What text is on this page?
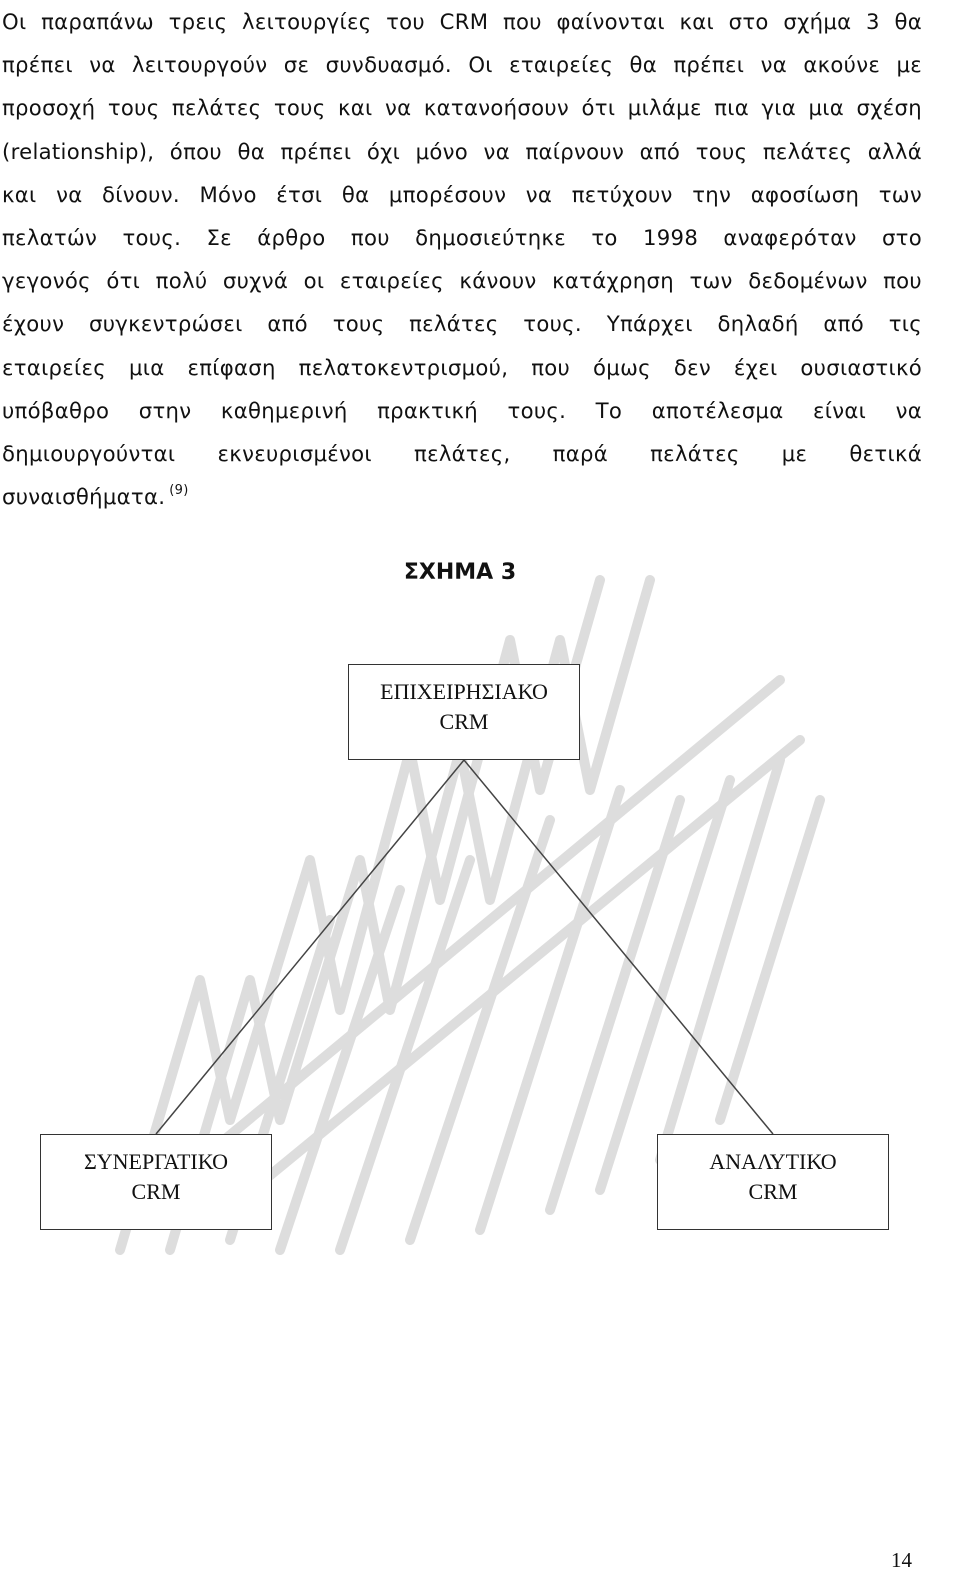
Οι παραπάνω τρεις λειτουργίες του CRM που φαίνονται και στο σχήμα 3 θα
πρέπει να λειτουργούν σε συνδυασμό. Οι εταιρείες θα πρέπει να ακούνε με
προσοχή τους πελάτες τους και να κατανοήσουν ότι μιλάμε πια για μια σχέση
(relationship), όπου θα πρέπει όχι μόνο να παίρνουν από τους πελάτες αλλά
και να δίνουν. Μόνο έτσι θα μπορέσουν να πετύχουν την αφοσίωση των
πελατών τους. Σε άρθρο που δημοσιεύτηκε το 1998 αναφερόταν στο
γεγονός ότι πολύ συχνά οι εταιρείες κάνουν κατάχρηση των δεδομένων που
έχουν συγκεντρώσει από τους πελάτες τους. Υπάρχει δηλαδή από τις
εταιρείες μια επίφαση πελατοκεντρισμού, που όμως δεν έχει ουσιαστικό
υπόβαθρο στην καθημερινή πρακτική τους. Το αποτέλεσμα είναι να
δημιουργούνται εκνευρισμένοι πελάτες, παρά πελάτες με θετικά
συναισθήματα. $^{(9)}$
ΣΧΗΜΑ 3
ΕΠΙΧΕΙΡΗΣΙΑΚΟ
CRM
ΣΥΝΕΡΓΑΤΙΚΟ
CRM
ΑΝΑΛΥΤΙΚΟ
CRM
14
